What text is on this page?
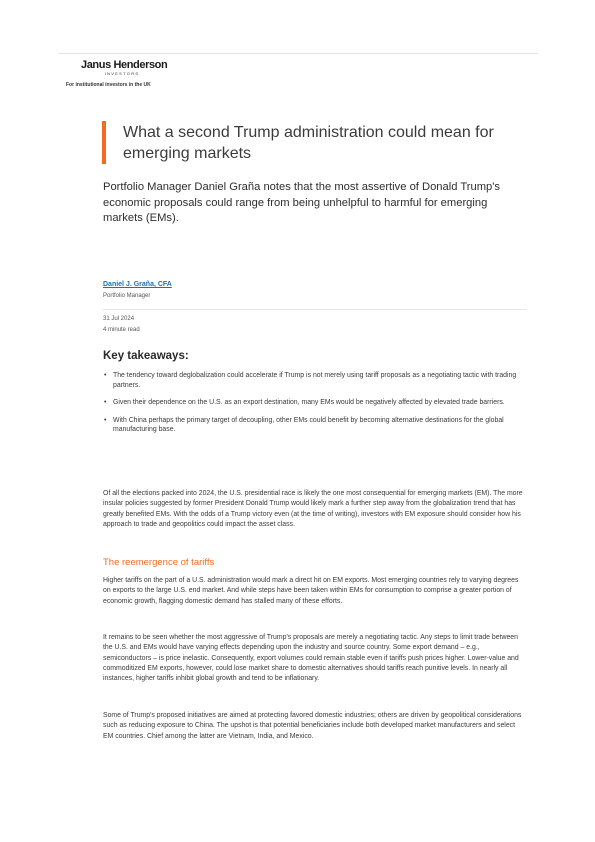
Janus Henderson
INVESTORS
For institutional investors in the UK
What a second Trump administration could mean for emerging markets

Portfolio Manager Daniel Graña notes that the most assertive of Donald Trump's economic proposals could range from being unhelpful to harmful for emerging markets (EMs).

Daniel J. Graña, CFA
Portfolio Manager
31 Jul 2024
4 minute read
Key takeaways:
• The tendency toward deglobalization could accelerate if Trump is not merely using tariff proposals as a negotiating tactic with trading partners.
• Given their dependence on the U.S. as an export destination, many EMs would be negatively affected by elevated trade barriers.
• With China perhaps the primary target of decoupling, other EMs could benefit by becoming alternative destinations for the global manufacturing base.

Of all the elections packed into 2024, the U.S. presidential race is likely the one most consequential for emerging markets (EM). The more insular policies suggested by former President Donald Trump would likely mark a further step away from the globalization trend that has greatly benefited EMs. With the odds of a Trump victory even (at the time of writing), investors with EM exposure should consider how his approach to trade and geopolitics could impact the asset class.

The reemergence of tariffs

Higher tariffs on the part of a U.S. administration would mark a direct hit on EM exports. Most emerging countries rely to varying degrees on exports to the large U.S. end market. And while steps have been taken within EMs for consumption to comprise a greater portion of economic growth, flagging domestic demand has stalled many of these efforts.

It remains to be seen whether the most aggressive of Trump's proposals are merely a negotiating tactic. Any steps to limit trade between the U.S. and EMs would have varying effects depending upon the industry and source country. Some export demand – e.g., semiconductors – is price inelastic. Consequently, export volumes could remain stable even if tariffs push prices higher. Lower-value and commoditized EM exports, however, could lose market share to domestic alternatives should tariffs reach punitive levels. In nearly all instances, higher tariffs inhibit global growth and tend to be inflationary.

Some of Trump's proposed initiatives are aimed at protecting favored domestic industries; others are driven by geopolitical considerations such as reducing exposure to China. The upshot is that potential beneficiaries include both developed market manufacturers and select EM countries. Chief among the latter are Vietnam, India, and Mexico.
